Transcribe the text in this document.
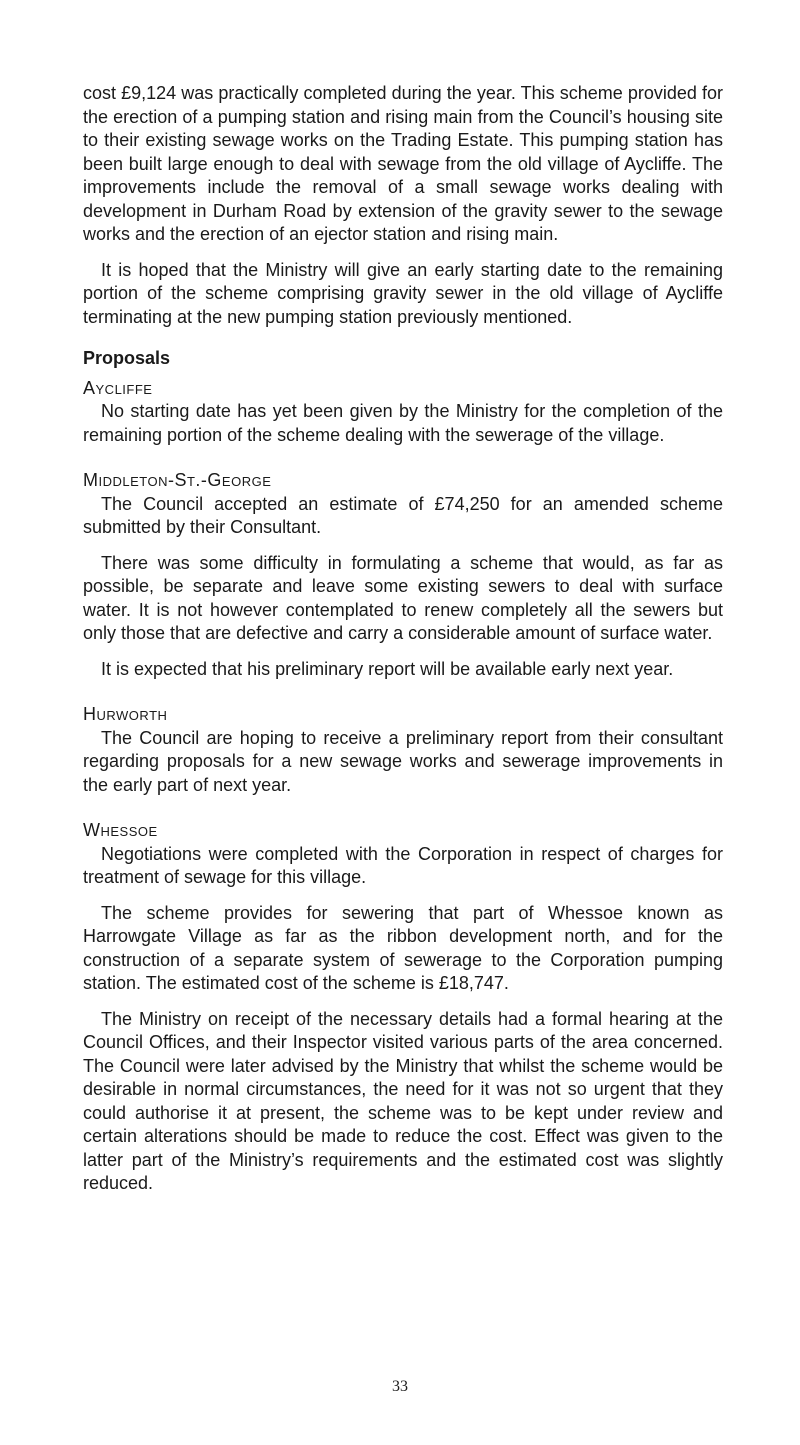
cost £9,124 was practically completed during the year. This scheme provided for the erection of a pumping station and rising main from the Council’s housing site to their existing sewage works on the Trading Estate. This pumping station has been built large enough to deal with sewage from the old village of Aycliffe. The improvements include the removal of a small sewage works dealing with development in Durham Road by extension of the gravity sewer to the sewage works and the erection of an ejector station and rising main.

It is hoped that the Ministry will give an early starting date to the remaining portion of the scheme comprising gravity sewer in the old village of Aycliffe terminating at the new pumping station previously mentioned.

Proposals
Aycliffe

No starting date has yet been given by the Ministry for the completion of the remaining portion of the scheme dealing with the sewerage of the village.

Middleton-St.-George

The Council accepted an estimate of £74,250 for an amended scheme submitted by their Consultant.

There was some difficulty in formulating a scheme that would, as far as possible, be separate and leave some existing sewers to deal with surface water. It is not however contemplated to renew completely all the sewers but only those that are defective and carry a considerable amount of surface water.

It is expected that his preliminary report will be available early next year.

Hurworth

The Council are hoping to receive a preliminary report from their consultant regarding proposals for a new sewage works and sewerage improvements in the early part of next year.

Whessoe

Negotiations were completed with the Corporation in respect of charges for treatment of sewage for this village.

The scheme provides for sewering that part of Whessoe known as Harrowgate Village as far as the ribbon development north, and for the construction of a separate system of sewerage to the Corporation pumping station. The estimated cost of the scheme is £18,747.

The Ministry on receipt of the necessary details had a formal hearing at the Council Offices, and their Inspector visited various parts of the area concerned. The Council were later advised by the Ministry that whilst the scheme would be desirable in normal circumstances, the need for it was not so urgent that they could authorise it at present, the scheme was to be kept under review and certain alterations should be made to reduce the cost. Effect was given to the latter part of the Ministry’s requirements and the estimated cost was slightly reduced.

33
